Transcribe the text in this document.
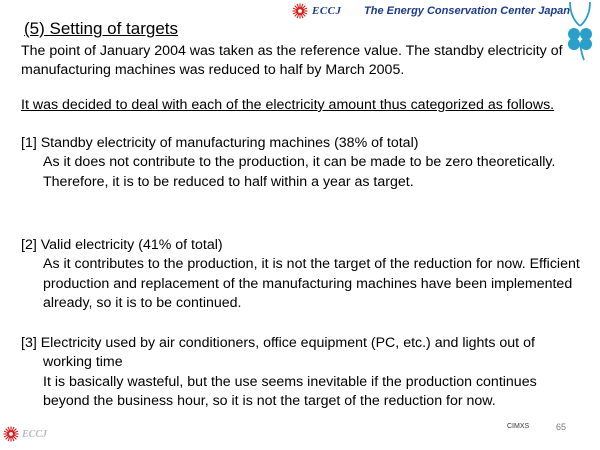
ECCJ The Energy Conservation Center Japan
(5) Setting of targets
The point of January 2004 was taken as the reference value. The standby electricity of manufacturing machines was reduced to half by March 2005.
It was decided to deal with each of the electricity amount thus categorized as follows.
[1] Standby electricity of manufacturing machines (38% of total)
As it does not contribute to the production, it can be made to be zero theoretically. Therefore, it is to be reduced to half within a year as target.
[2] Valid electricity (41% of total)
As it contributes to the production, it is not the target of the reduction for now. Efficient production and replacement of the manufacturing machines have been implemented already, so it is to be continued.
[3] Electricity used by air conditioners, office equipment (PC, etc.) and lights out of working time
It is basically wasteful, but the use seems inevitable if the production continues beyond the business hour, so it is not the target of the reduction for now.
ECCJ
CIMXS	65
